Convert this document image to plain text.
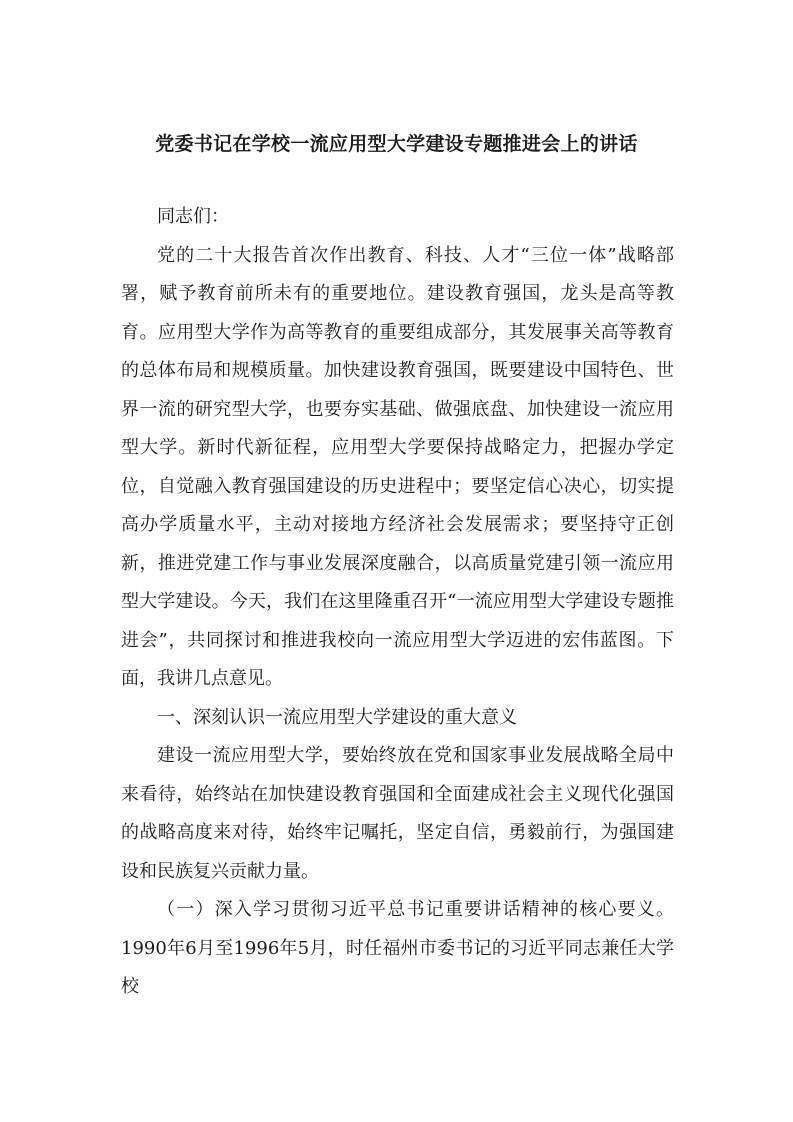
党委书记在学校一流应用型大学建设专题推进会上的讲话

同志们：

党的二十大报告首次作出教育、科技、人才“三位一体”战略部署，赋予教育前所未有的重要地位。建设教育强国，龙头是高等教育。应用型大学作为高等教育的重要组成部分，其发展事关高等教育的总体布局和规模质量。加快建设教育强国，既要建设中国特色、世界一流的研究型大学，也要夯实基础、做强底盘、加快建设一流应用型大学。新时代新征程，应用型大学要保持战略定力，把握办学定位，自觉融入教育强国建设的历史进程中；要坚定信心决心，切实提高办学质量水平，主动对接地方经济社会发展需求；要坚持守正创新，推进党建工作与事业发展深度融合，以高质量党建引领一流应用型大学建设。今天，我们在这里隆重召开“一流应用型大学建设专题推进会”，共同探讨和推进我校向一流应用型大学迈进的宏伟蓝图。下面，我讲几点意见。

一、深刻认识一流应用型大学建设的重大意义

建设一流应用型大学，要始终放在党和国家事业发展战略全局中来看待，始终站在加快建设教育强国和全面建成社会主义现代化强国的战略高度来对待，始终牢记嘱托，坚定自信，勇毅前行，为强国建设和民族复兴贡献力量。

（一）深入学习贯彻习近平总书记重要讲话精神的核心要义。1990年6月至1996年5月，时任福州市委书记的习近平同志兼任大学校
